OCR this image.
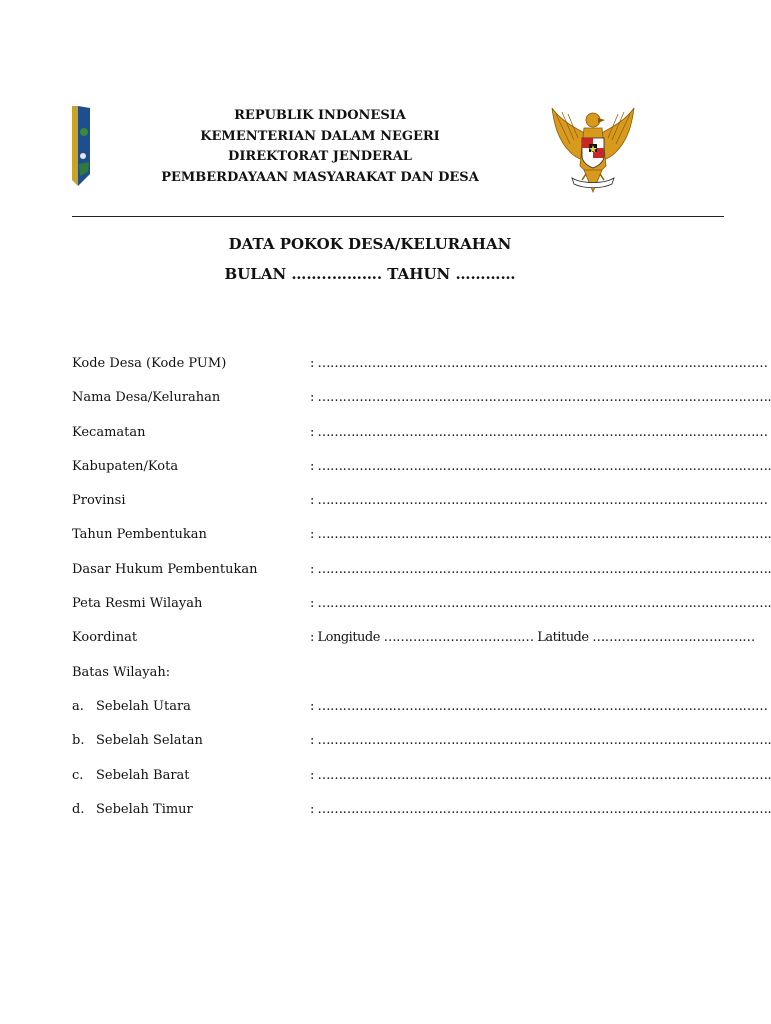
REPUBLIK INDONESIA
KEMENTERIAN DALAM NEGERI
DIREKTORAT JENDERAL
PEMBERDAYAAN MASYARAKAT DAN DESA
DATA POKOK DESA/KELURAHAN
BULAN ……..………. TAHUN …………
Kode Desa (Kode PUM)	: ………………………………………………………………………………………………
Nama Desa/Kelurahan	: ……………………………………………………………………………………………….
Kecamatan	: ………………………………………………………………………………………………
Kabupaten/Kota	: ……………………………………………………………………………………………….
Provinsi	: ………………………………………………………………………………………………
Tahun Pembentukan	: ……………………………………………………………………………………………….
Dasar Hukum Pembentukan	: ……………………………………………………………………………………………….
Peta Resmi Wilayah	: ……………………………………………………………………………………………….
Koordinat	: Longitude ……………………………… Latitude …………………………………
Batas Wilayah:
a. Sebelah Utara	: ………………………………………………………………………………………………
b. Sebelah Selatan	: ……………………………………………………………………………………………….
c. Sebelah Barat	: ……………………………………………………………………………………………….
d. Sebelah Timur	: ……………………………………………………………………………………………….
